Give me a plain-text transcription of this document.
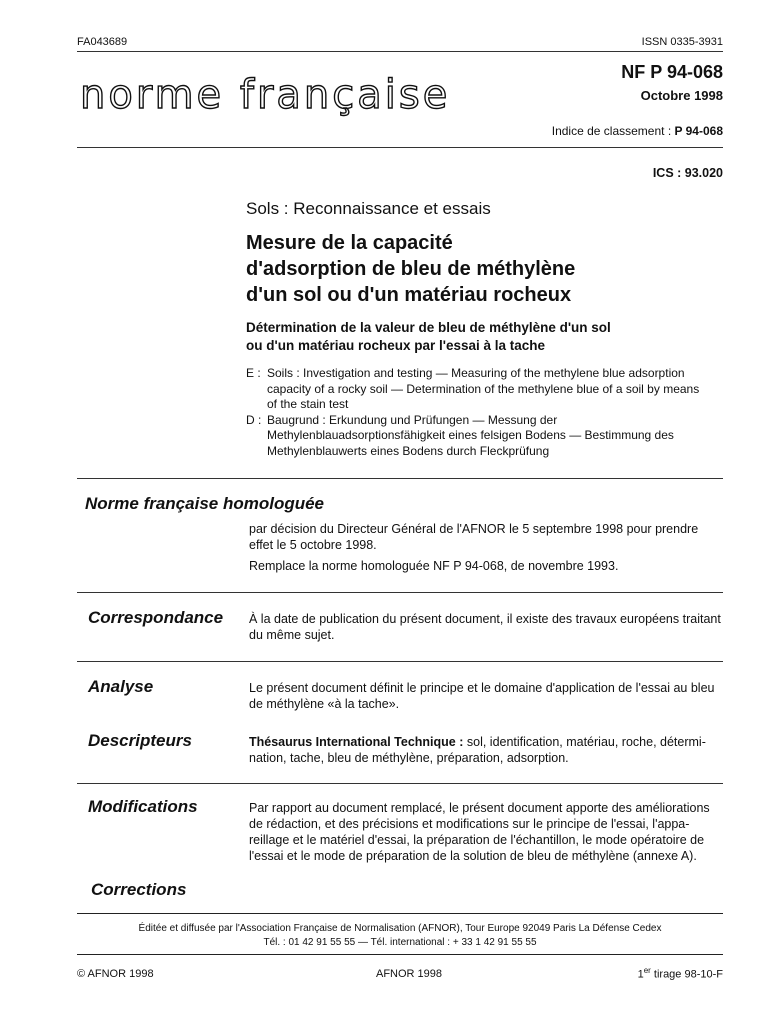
FA043689	ISSN 0335-3931
norme française	NF P 94-068
Octobre 1998
Indice de classement : P 94-068
ICS : 93.020
Sols : Reconnaissance et essais
Mesure de la capacité
d'adsorption de bleu de méthylène
d'un sol ou d'un matériau rocheux
Détermination de la valeur de bleu de méthylène d'un sol
ou d'un matériau rocheux par l'essai à la tache
E : Soils : Investigation and testing — Measuring of the methylene blue adsorption
capacity of a rocky soil — Determination of the methylene blue of a soil by means
of the stain test
D : Baugrund : Erkundung und Prüfungen — Messung der
Methylenblauadsorptionsfähigkeit eines felsigen Bodens — Bestimmung des
Methylenblauwerts eines Bodens durch Fleckprüfung
Norme française homologuée
par décision du Directeur Général de l'AFNOR le 5 septembre 1998 pour prendre
effet le 5 octobre 1998.
Remplace la norme homologuée NF P 94-068, de novembre 1993.
Correspondance À la date de publication du présent document, il existe des travaux européens traitant
du même sujet.
Analyse	Le présent document définit le principe et le domaine d'application de l'essai au bleu
de méthylène «à la tache».
Descripteurs	Thésaurus International Technique : sol, identification, matériau, roche, détermi-
nation, tache, bleu de méthylène, préparation, adsorption.
Modifications	Par rapport au document remplacé, le présent document apporte des améliorations
de rédaction, et des précisions et modifications sur le principe de l'essai, l'appa-
reillage et le matériel d'essai, la préparation de l'échantillon, le mode opératoire de
l'essai et le mode de préparation de la solution de bleu de méthylène (annexe A).
Corrections
Éditée et diffusée par l'Association Française de Normalisation (AFNOR), Tour Europe 92049 Paris La Défense Cedex
Tél. : 01 42 91 55 55 — Tél. international : + 33 1 42 91 55 55
© AFNOR 1998	AFNOR 1998	1er tirage 98-10-F
